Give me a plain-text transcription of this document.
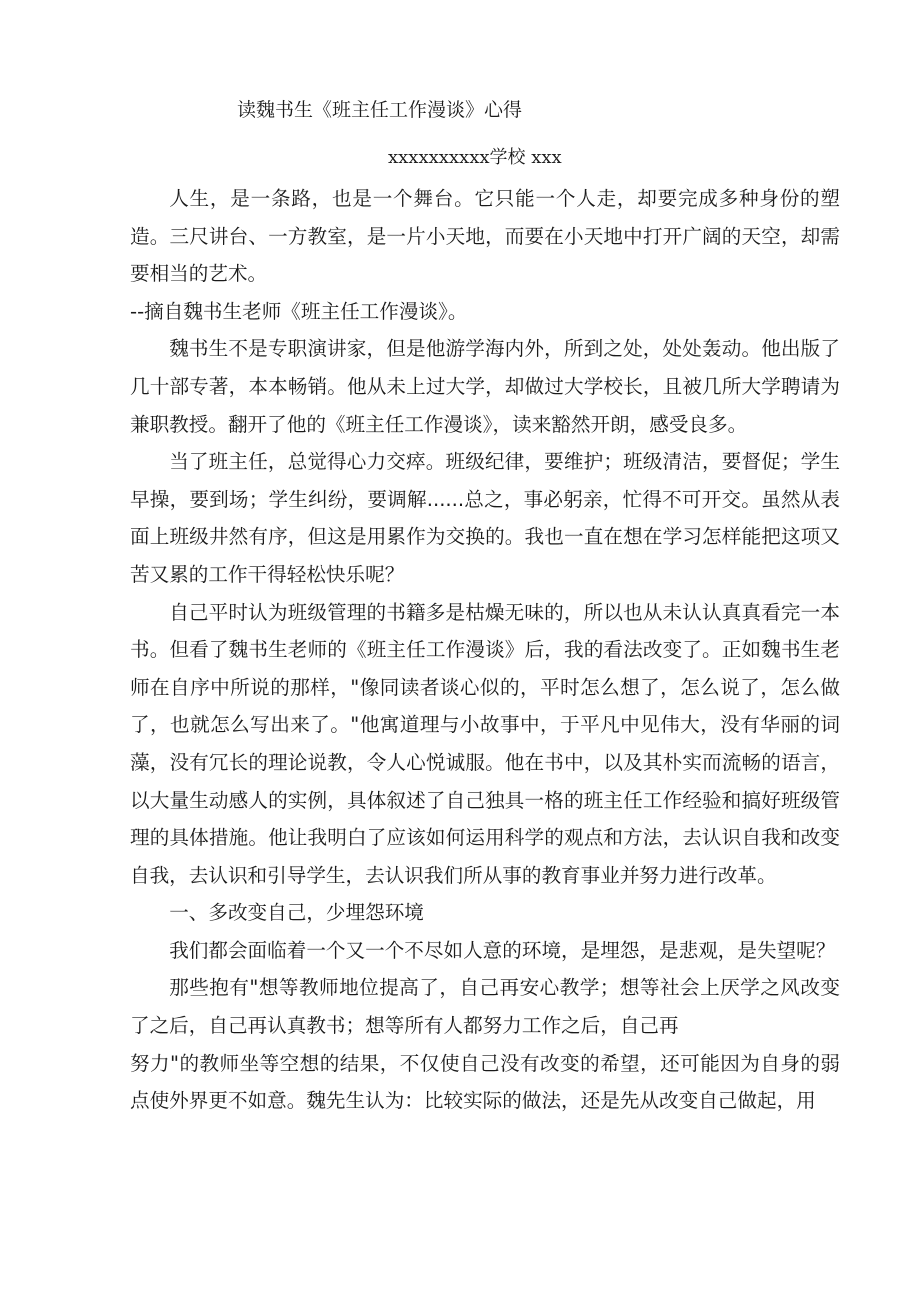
读魏书生《班主任工作漫谈》心得
xxxxxxxxxx学校 xxx

人生，是一条路，也是一个舞台。它只能一个人走，却要完成多种身份的塑造。三尺讲台、一方教室，是一片小天地，而要在小天地中打开广阔的天空，却需要相当的艺术。

--摘自魏书生老师《班主任工作漫谈》。

魏书生不是专职演讲家，但是他游学海内外，所到之处，处处轰动。他出版了几十部专著，本本畅销。他从未上过大学，却做过大学校长，且被几所大学聘请为兼职教授。翻开了他的《班主任工作漫谈》，读来豁然开朗，感受良多。

当了班主任，总觉得心力交瘁。班级纪律，要维护；班级清洁，要督促；学生早操，要到场；学生纠纷，要调解......总之，事必躬亲，忙得不可开交。虽然从表面上班级井然有序，但这是用累作为交换的。我也一直在想在学习怎样能把这项又苦又累的工作干得轻松快乐呢？

自己平时认为班级管理的书籍多是枯燥无味的，所以也从未认认真真看完一本书。但看了魏书生老师的《班主任工作漫谈》后，我的看法改变了。正如魏书生老师在自序中所说的那样，"像同读者谈心似的，平时怎么想了，怎么说了，怎么做了，也就怎么写出来了。"他寓道理与小故事中，于平凡中见伟大，没有华丽的词藻，没有冗长的理论说教，令人心悦诚服。他在书中，以及其朴实而流畅的语言，以大量生动感人的实例，具体叙述了自己独具一格的班主任工作经验和搞好班级管理的具体措施。他让我明白了应该如何运用科学的观点和方法，去认识自我和改变自我，去认识和引导学生，去认识我们所从事的教育事业并努力进行改革。

一、多改变自己，少埋怨环境

我们都会面临着一个又一个不尽如人意的环境，是埋怨，是悲观，是失望呢？

那些抱有"想等教师地位提高了，自己再安心教学；想等社会上厌学之风改变了之后，自己再认真教书；想等所有人都努力工作之后，自己再

努力"的教师坐等空想的结果，不仅使自己没有改变的希望，还可能因为自身的弱点使外界更不如意。魏先生认为：比较实际的做法，还是先从改变自己做起，用
